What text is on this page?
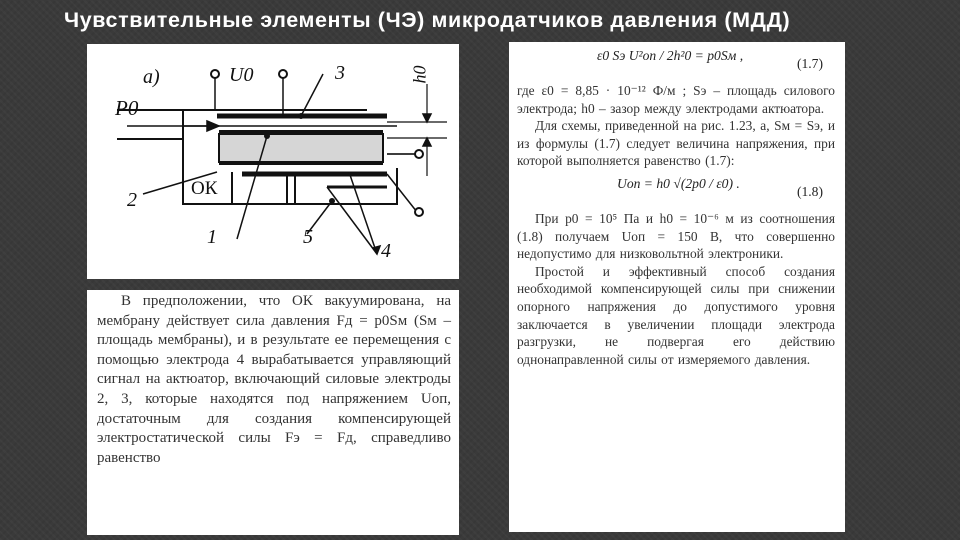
Чувствительные элементы (ЧЭ) микродатчиков давления (МДД)
а)	U0
P0
h0
ОК
1
2
3
4
5

В предположении, что ОК вакуумирована, на мембрану действует сила давления Fд = p0Sм (Sм – площадь мембраны), и в результате ее перемещения с помощью электрода 4 вырабатывается управляющий сигнал на актюатор, включающий силовые электроды 2, 3, которые находятся под напряжением Uоп, достаточным для создания компенсирующей электростатической силы Fэ = Fд, справедливо равенство

ε0 Sэ U²оп / 2h²0 = p0Sм ,
(1.7)

где ε0 = 8,85 · 10⁻¹² Ф/м ; Sэ – площадь силового электрода; h0 – зазор между электродами актюатора.

Для схемы, приведенной на рис. 1.23, а, Sм = Sэ, и из формулы (1.7) следует величина напряжения, при которой выполняется равенство (1.7):

Uоп = h0 √(2p0 / ε0) .
(1.8)

При p0 = 10⁵ Па и h0 = 10⁻⁶ м из соотношения (1.8) получаем Uоп = 150 В, что совершенно недопустимо для низковольтной электроники.

Простой и эффективный способ создания необходимой компенсирующей силы при снижении опорного напряжения до допустимого уровня заключается в увеличении площади электрода разгрузки, не подвергая его действию однонаправленной силы от измеряемого давления.
